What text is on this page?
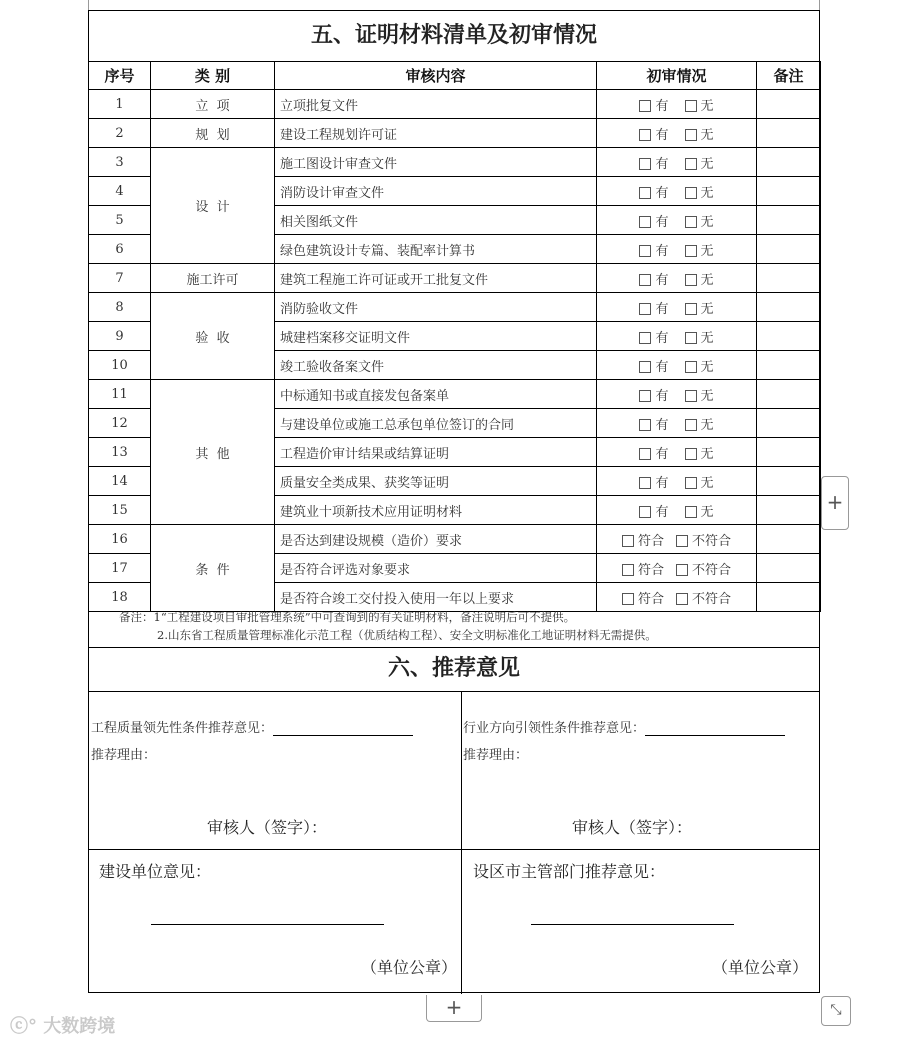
五、证明材料清单及初审情况
序号	类 别	审核内容	初审情况	备注
1	立  项	立项批复文件	有 无	
2	规  划	建设工程规划许可证	有 无	
3	设  计	施工图设计审查文件	有 无	
4		消防设计审查文件	有 无	
5		相关图纸文件	有 无	
6		绿色建筑设计专篇、装配率计算书	有 无	
7	施工许可	建筑工程施工许可证或开工批复文件	有 无	
8	验  收	消防验收文件	有 无	
9		城建档案移交证明文件	有 无	
10		竣工验收备案文件	有 无	
11	其  他	中标通知书或直接发包备案单	有 无	
12		与建设单位或施工总承包单位签订的合同	有 无	
13		工程造价审计结果或结算证明	有 无	
14		质量安全类成果、获奖等证明	有 无	
15		建筑业十项新技术应用证明材料	有 无	
16	条  件	是否达到建设规模（造价）要求	符合 不符合	
17		是否符合评选对象要求	符合 不符合	
18		是否符合竣工交付投入使用一年以上要求	符合 不符合	
备注：1“工程建设项目审批管理系统”中可查询到的有关证明材料，备注说明后可不提供。
2.山东省工程质量管理标准化示范工程（优质结构工程）、安全文明标准化工地证明材料无需提供。
六、推荐意见
工程质量领先性条件推荐意见：
推荐理由：
审核人（签字）：
行业方向引领性条件推荐意见：
推荐理由：
审核人（签字）：
建设单位意见：
（单位公章）
设区市主管部门推荐意见：
（单位公章）
+
+	⤡
ⓒ° 大数跨境
